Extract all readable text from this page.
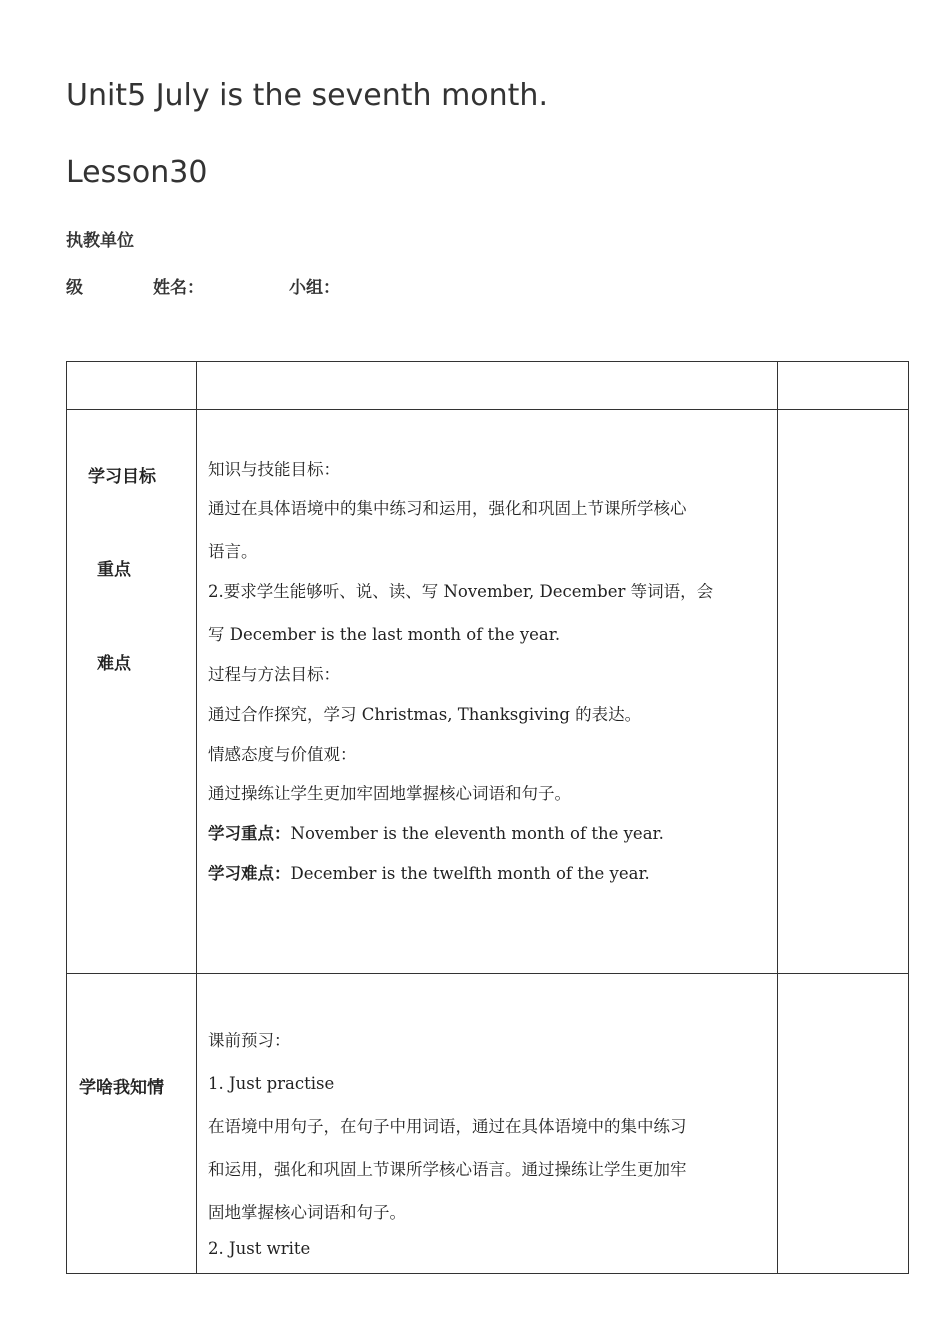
Unit5 July is the seventh month.
Lesson30
执教单位
级	姓名：	小组：
学习目标
重点
难点
知识与技能目标：
通过在具体语境中的集中练习和运用，强化和巩固上节课所学核心
语言。
2.要求学生能够听、说、读、写 November, December 等词语，会
写 December is the last month of the year.
过程与方法目标：
通过合作探究，学习 Christmas, Thanksgiving 的表达。
情感态度与价值观：
通过操练让学生更加牢固地掌握核心词语和句子。
学习重点：November is the eleventh month of the year.
学习难点：December is the twelfth month of the year.
学啥我知情
课前预习：
1. Just practise
在语境中用句子，在句子中用词语，通过在具体语境中的集中练习
和运用，强化和巩固上节课所学核心语言。通过操练让学生更加牢
固地掌握核心词语和句子。
2. Just write
